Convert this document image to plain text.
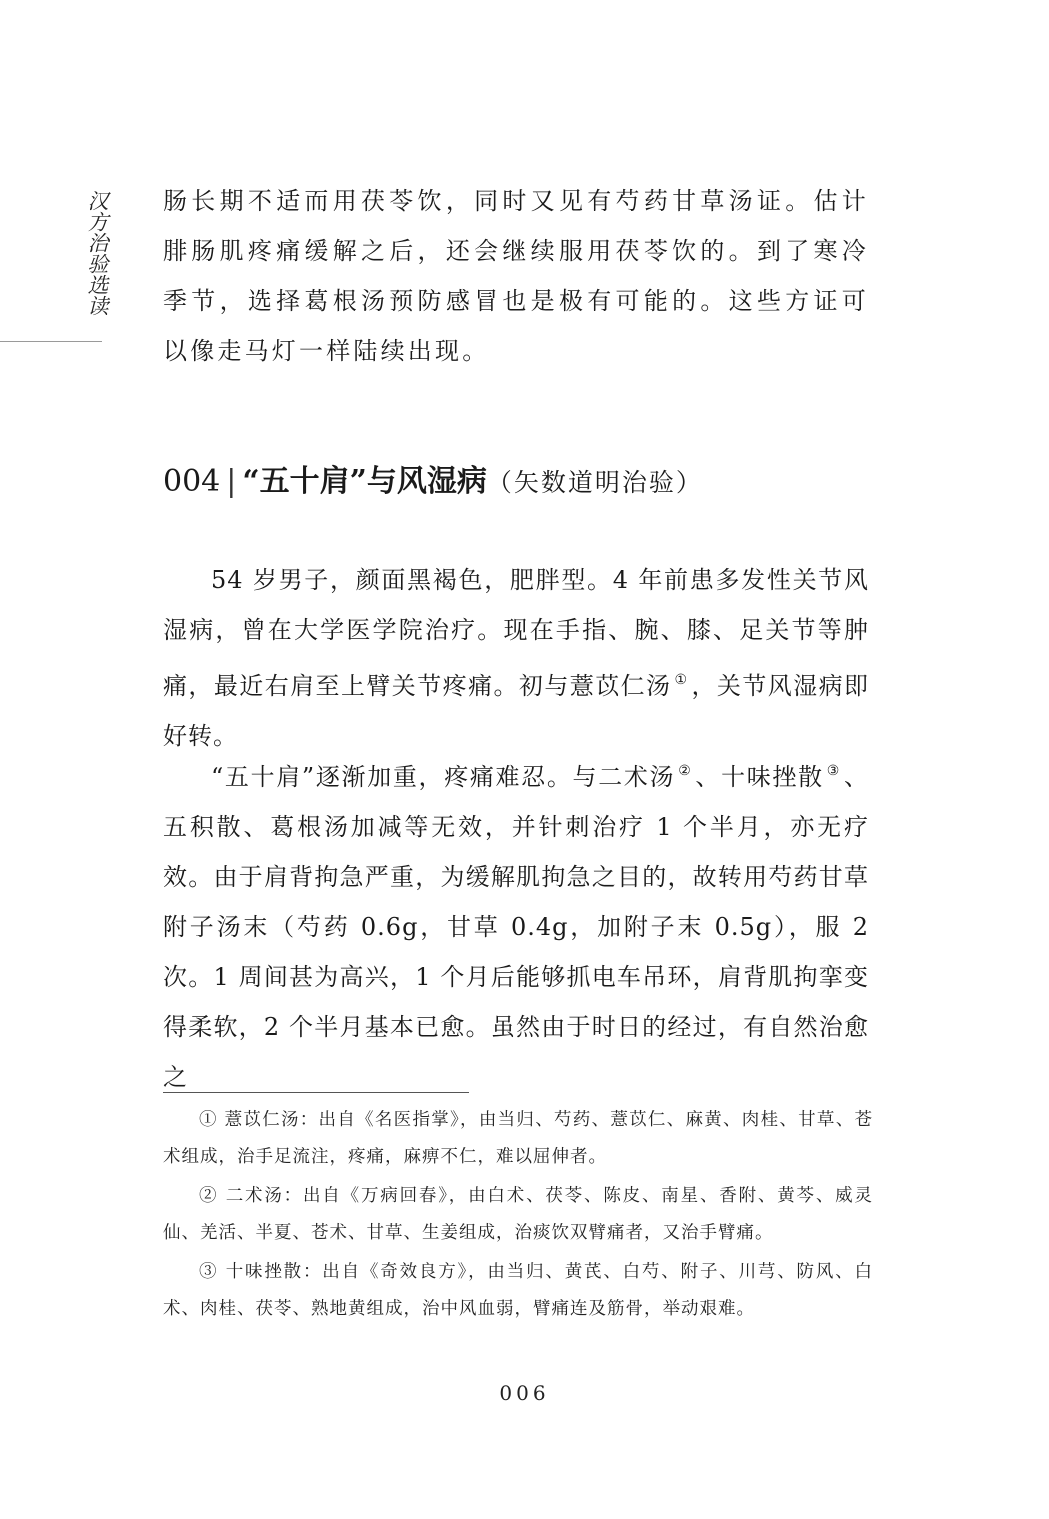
汉方治验选读 肠长期不适而用茯苓饮，同时又见有芍药甘草汤证。估计腓肠肌疼痛缓解之后，还会继续服用茯苓饮的。到了寒冷季节，选择葛根汤预防感冒也是极有可能的。这些方证可以像走马灯一样陆续出现。

004 | “五十肩”与风湿病（矢数道明治验）

54 岁男子，颜面黑褐色，肥胖型。4 年前患多发性关节风湿病，曾在大学医学院治疗。现在手指、腕、膝、足关节等肿痛，最近右肩至上臂关节疼痛。初与薏苡仁汤 ① ，关节风湿病即好转。

“五十肩”逐渐加重，疼痛难忍。与二术汤 ② 、十味挫散 ③ 、五积散、葛根汤加减等无效，并针刺治疗 1 个半月，亦无疗效。由于肩背拘急严重，为缓解肌拘急之目的，故转用芍药甘草附子汤末（芍药 0.6g，甘草 0.4g，加附子末 0.5g），服 2 次。1 周间甚为高兴，1 个月后能够抓电车吊环，肩背肌拘挛变得柔软，2 个半月基本已愈。虽然由于时日的经过，有自然治愈之

① 薏苡仁汤：出自《名医指掌》，由当归、芍药、薏苡仁、麻黄、肉桂、甘草、苍术组成，治手足流注，疼痛，麻痹不仁，难以屈伸者。

② 二术汤：出自《万病回春》，由白术、茯苓、陈皮、南星、香附、黄芩、威灵仙、羌活、半夏、苍术、甘草、生姜组成，治痰饮双臂痛者，又治手臂痛。

③ 十味挫散：出自《奇效良方》，由当归、黄芪、白芍、附子、川芎、防风、白术、肉桂、茯苓、熟地黄组成，治中风血弱，臂痛连及筋骨，举动艰难。

006
